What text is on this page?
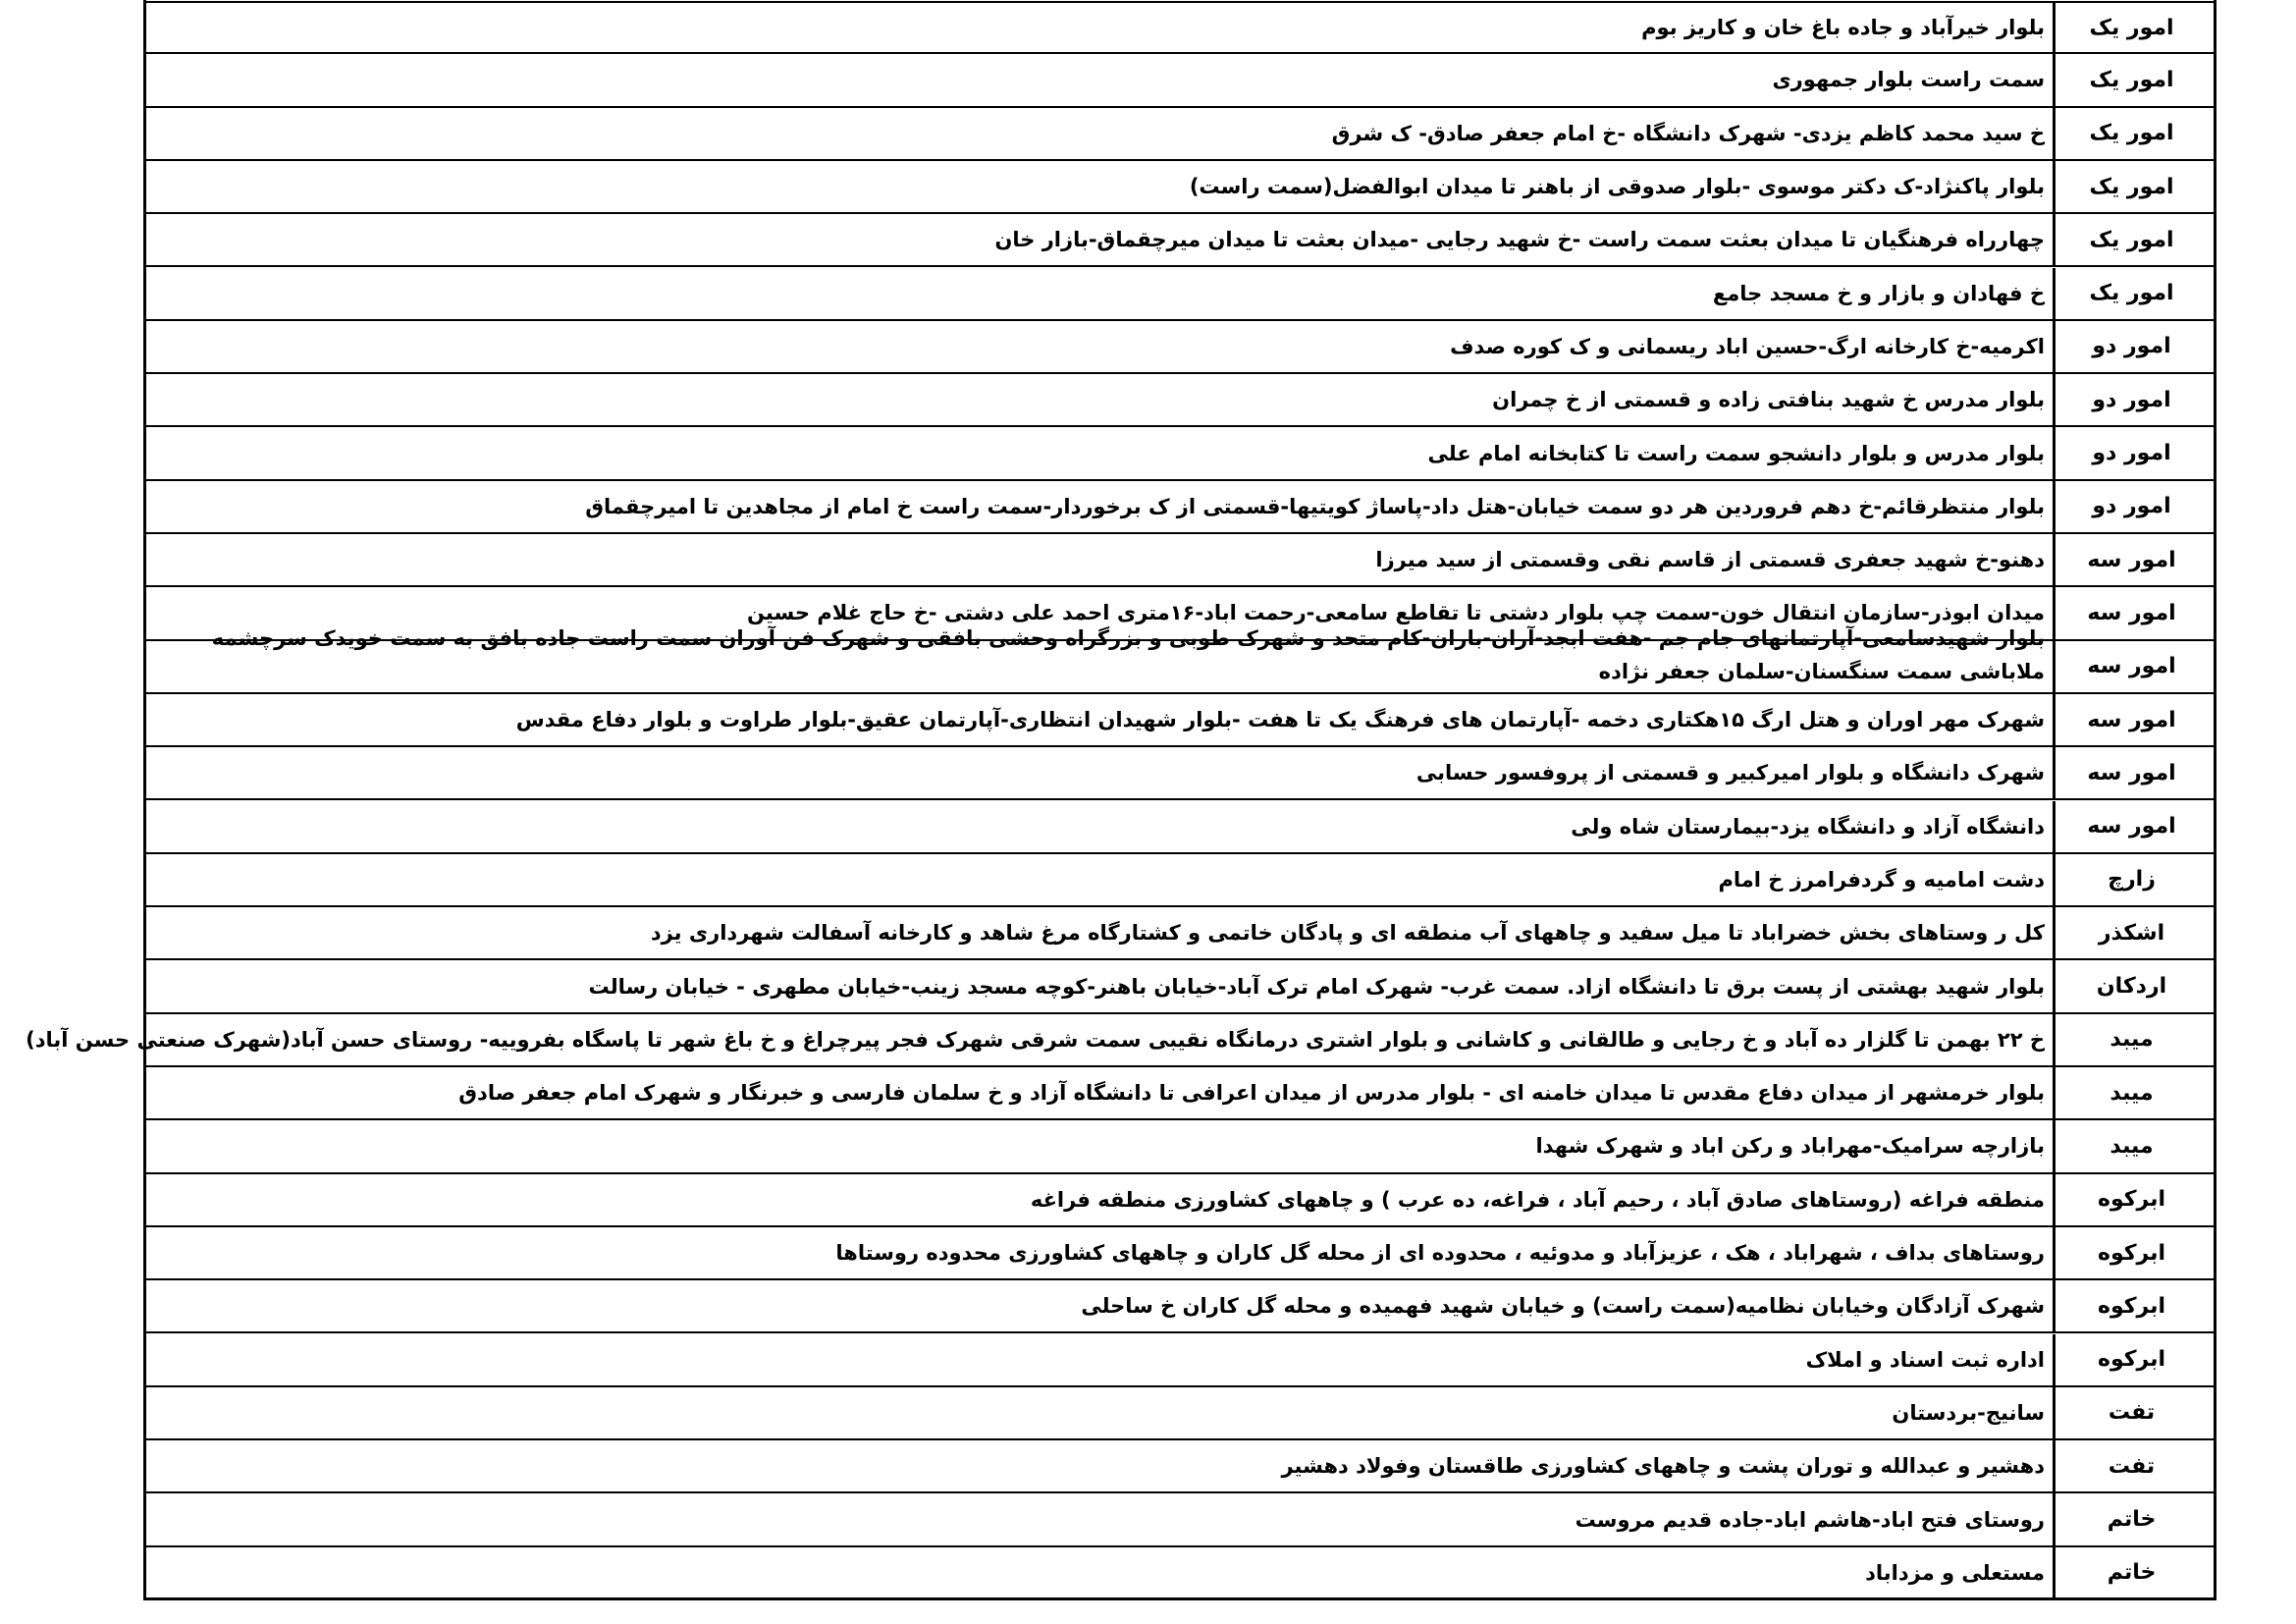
بلوار خیرآباد و جاده باغ خان و کاریز بوم	امور یک
سمت راست بلوار جمهوری	امور یک
خ سید محمد کاظم یزدی- شهرک دانشگاه -خ امام جعفر صادق- ک شرق	امور یک
بلوار پاکنژاد-ک دکتر موسوی -بلوار صدوقی از باهنر تا میدان ابوالفضل(سمت راست)	امور یک
چهارراه فرهنگیان تا میدان بعثت سمت راست -خ شهید رجایی -میدان بعثت تا میدان میرچقماق-بازار خان	امور یک
خ فهادان و بازار و خ مسجد جامع	امور یک
اکرمیه-خ کارخانه ارگ-حسین اباد ریسمانی و ک کوره صدف	امور دو
بلوار مدرس خ شهید بنافتی زاده و قسمتی از خ چمران	امور دو
بلوار مدرس و بلوار دانشجو سمت راست تا کتابخانه امام علی	امور دو
بلوار منتظرقائم-خ دهم فروردین هر دو سمت خیابان-هتل داد-پاساژ کویتیها-قسمتی از ک برخوردار-سمت راست خ امام از مجاهدین تا امیرچقماق	امور دو
دهنو-خ شهید جعفری قسمتی از قاسم نقی وقسمتی از سید میرزا	امور سه
میدان ابوذر-سازمان انتقال خون-سمت چپ بلوار دشتی تا تقاطع سامعی-رحمت اباد-۱۶متری احمد علی دشتی -خ حاج غلام حسین	امور سه
بلوار شهیدسامعی-آپارتمانهای جام جم -هفت ابجد-آران-باران-کام متحد و شهرک طوبی و بزرگراه وحشی بافقی و شهرک فن آوران سمت راست جاده بافق به سمت خویدک سرچشمه ملاباشی سمت سنگسنان-سلمان جعفر نژاده	امور سه
شهرک مهر اوران و هتل ارگ ۱۵هکتاری دخمه -آپارتمان های فرهنگ یک تا هفت -بلوار شهیدان انتظاری-آپارتمان عقیق-بلوار طراوت و بلوار دفاع مقدس	امور سه
شهرک دانشگاه و بلوار امیرکبیر و قسمتی از پروفسور حسابی	امور سه
دانشگاه آزاد و دانشگاه یزد-بیمارستان شاه ولی	امور سه
دشت امامیه و گردفرامرز خ امام	زارچ
کل ر وستاهای بخش خضراباد تا میل سفید و چاههای آب منطقه ای و پادگان خاتمی و کشتارگاه مرغ شاهد و کارخانه آسفالت شهرداری یزد	اشکذر
بلوار شهید بهشتی از پست برق تا دانشگاه ازاد. سمت غرب- شهرک امام ترک آباد-خیابان باهنر-کوچه مسجد زینب-خیابان مطهری - خیابان رسالت	اردکان
خ ۲۲ بهمن تا گلزار ده آباد و خ رجایی و طالقانی و کاشانی و بلوار اشتری درمانگاه نقیبی سمت شرقی شهرک فجر پیرچراغ و خ باغ شهر تا پاسگاه بفروییه- روستای حسن آباد(شهرک صنعتی حسن آباد)	میبد
بلوار خرمشهر از میدان دفاع مقدس تا میدان خامنه ای - بلوار مدرس از میدان اعرافی تا دانشگاه آزاد و خ سلمان فارسی و خبرنگار و شهرک امام جعفر صادق	میبد
بازارچه سرامیک-مهراباد و رکن اباد و شهرک شهدا	میبد
منطقه فراغه (روستاهای صادق آباد ، رحیم آباد ، فراغه، ده عرب ) و چاههای کشاورزی منطقه فراغه	ابرکوه
روستاهای بداف ، شهراباد ، هک ، عزیزآباد و مدوئیه ، محدوده ای از محله گل کاران و چاههای کشاورزی محدوده روستاها	ابرکوه
شهرک آزادگان وخیابان نظامیه(سمت راست) و خیابان شهید فهمیده و محله گل کاران خ ساحلی	ابرکوه
اداره ثبت اسناد و املاک	ابرکوه
سانیج-بردستان	تفت
دهشیر و عبدالله و توران پشت و چاههای کشاورزی طاقستان وفولاد دهشیر	تفت
روستای فتح اباد-هاشم اباد-جاده قدیم مروست	خاتم
مستعلی و مزداباد	خاتم
